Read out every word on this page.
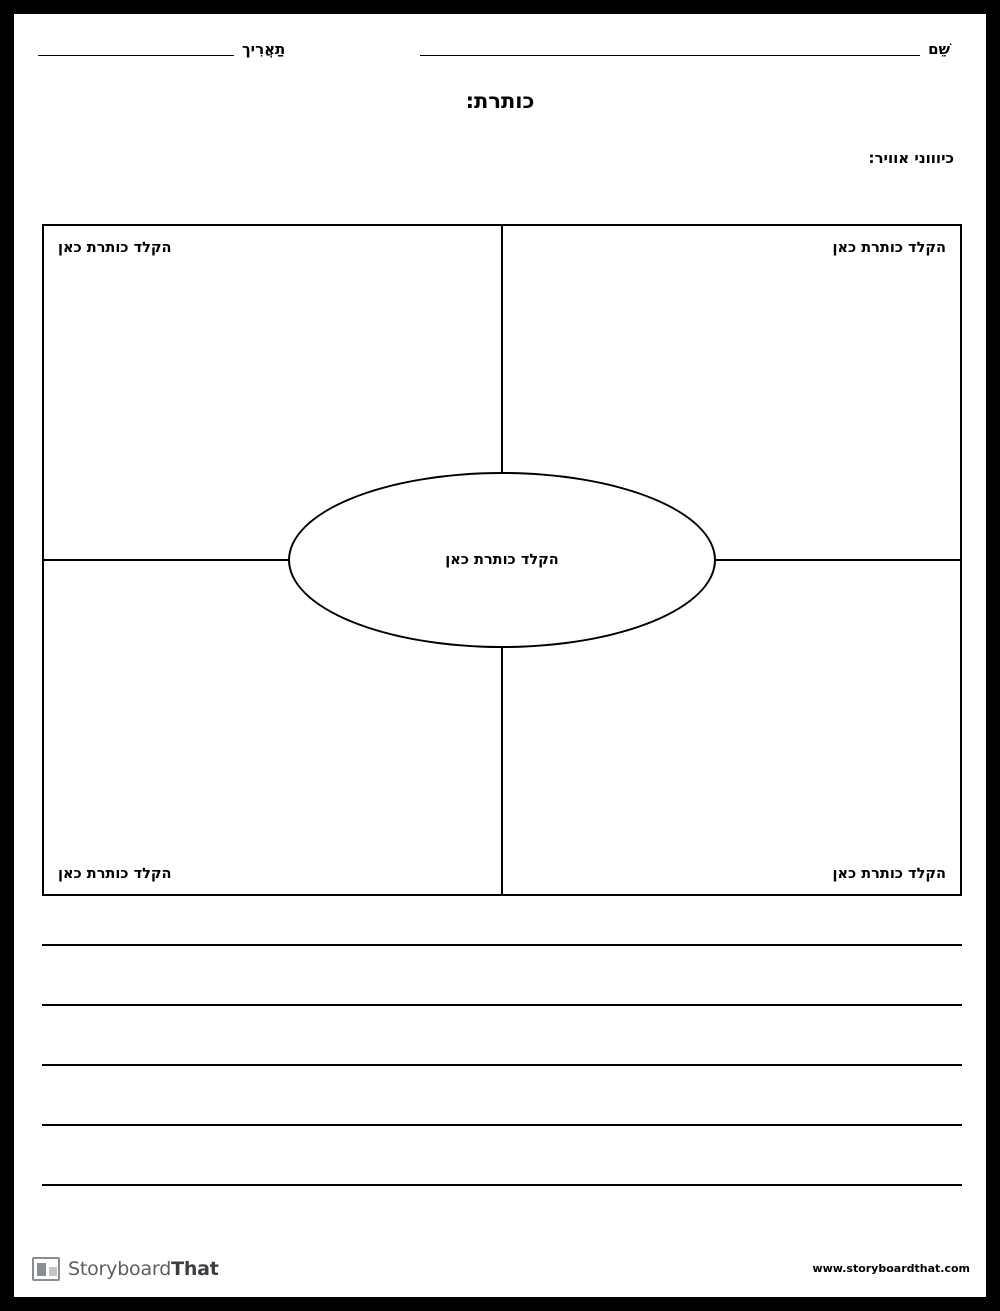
שֵׁם
תַאֲרִיך
כותרת:
כיוווני אוויר:
הקלד כותרת כאן
הקלד כותרת כאן
הקלד כותרת כאן
הקלד כותרת כאן
הקלד כותרת כאן
www.storyboardthat.com
StoryboardThat
